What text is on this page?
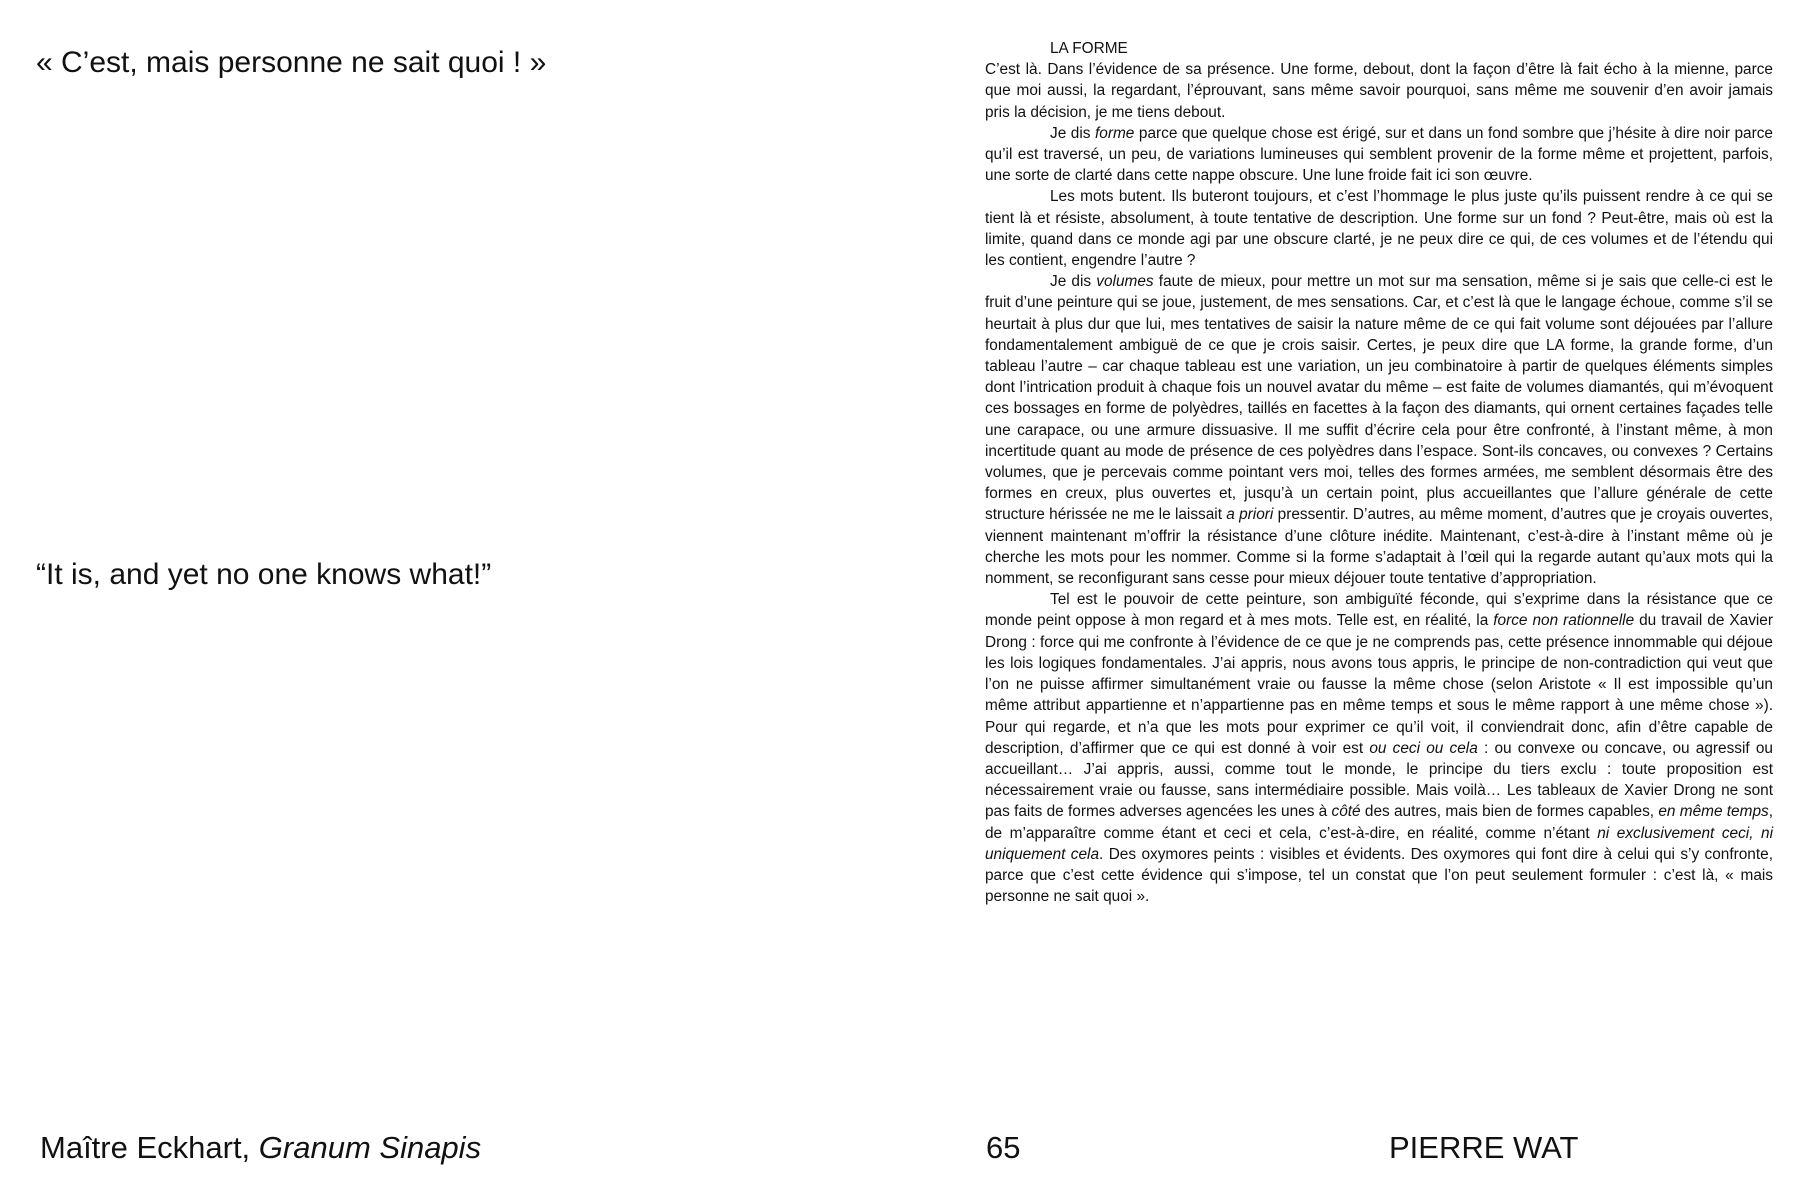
« C’est, mais personne ne sait quoi ! »
“It is, and yet no one knows what!”

Maître Eckhart, Granum Sinapis	65	PIERRE WAT

LA FORME

C’est là. Dans l’évidence de sa présence. Une forme, debout, dont la façon d’être là fait écho à la mienne, parce que moi aussi, la regardant, l’éprouvant, sans même savoir pourquoi, sans même me souvenir d’en avoir jamais pris la décision, je me tiens debout.

Je dis forme parce que quelque chose est érigé, sur et dans un fond sombre que j’hésite à dire noir parce qu’il est traversé, un peu, de variations lumineuses qui semblent provenir de la forme même et projettent, parfois, une sorte de clarté dans cette nappe obscure. Une lune froide fait ici son œuvre.

Les mots butent. Ils buteront toujours, et c’est l’hommage le plus juste qu’ils puissent rendre à ce qui se tient là et résiste, absolument, à toute tentative de description. Une forme sur un fond ? Peut-être, mais où est la limite, quand dans ce monde agi par une obscure clarté, je ne peux dire ce qui, de ces volumes et de l’étendu qui les contient, engendre l’autre ?

Je dis volumes faute de mieux, pour mettre un mot sur ma sensation, même si je sais que celle-ci est le fruit d’une peinture qui se joue, justement, de mes sensations. Car, et c’est là que le langage échoue, comme s’il se heurtait à plus dur que lui, mes tentatives de saisir la nature même de ce qui fait volume sont déjouées par l’allure fondamentalement ambiguë de ce que je crois saisir. Certes, je peux dire que LA forme, la grande forme, d’un tableau l’autre – car chaque tableau est une variation, un jeu combinatoire à partir de quelques éléments simples dont l’intrication produit à chaque fois un nouvel avatar du même – est faite de volumes diamantés, qui m’évoquent ces bossages en forme de polyèdres, taillés en facettes à la façon des diamants, qui ornent certaines façades telle une carapace, ou une armure dissuasive. Il me suffit d’écrire cela pour être confronté, à l’instant même, à mon incertitude quant au mode de présence de ces polyèdres dans l’espace. Sont-ils concaves, ou convexes ? Certains volumes, que je percevais comme pointant vers moi, telles des formes armées, me semblent désormais être des formes en creux, plus ouvertes et, jusqu’à un certain point, plus accueillantes que l’allure générale de cette structure hérissée ne me le laissait a priori pressentir. D’autres, au même moment, d’autres que je croyais ouvertes, viennent maintenant m’offrir la résistance d’une clôture inédite. Maintenant, c’est-à-dire à l’instant même où je cherche les mots pour les nommer. Comme si la forme s’adaptait à l’œil qui la regarde autant qu’aux mots qui la nomment, se reconfigurant sans cesse pour mieux déjouer toute tentative d’appropriation.

Tel est le pouvoir de cette peinture, son ambiguïté féconde, qui s’exprime dans la résistance que ce monde peint oppose à mon regard et à mes mots. Telle est, en réalité, la force non rationnelle du travail de Xavier Drong : force qui me confronte à l’évidence de ce que je ne comprends pas, cette présence innommable qui déjoue les lois logiques fondamentales. J’ai appris, nous avons tous appris, le principe de non-contradiction qui veut que l’on ne puisse affirmer simultanément vraie ou fausse la même chose (selon Aristote « Il est impossible qu’un même attribut appartienne et n’appartienne pas en même temps et sous le même rapport à une même chose »). Pour qui regarde, et n’a que les mots pour exprimer ce qu’il voit, il conviendrait donc, afin d’être capable de description, d’affirmer que ce qui est donné à voir est ou ceci ou cela : ou convexe ou concave, ou agressif ou accueillant… J’ai appris, aussi, comme tout le monde, le principe du tiers exclu : toute proposition est nécessairement vraie ou fausse, sans intermédiaire possible. Mais voilà… Les tableaux de Xavier Drong ne sont pas faits de formes adverses agencées les unes à côté des autres, mais bien de formes capables, en même temps, de m’apparaître comme étant et ceci et cela, c’est-à-dire, en réalité, comme n’étant ni exclusivement ceci, ni uniquement cela. Des oxymores peints : visibles et évidents. Des oxymores qui font dire à celui qui s’y confronte, parce que c’est cette évidence qui s’impose, tel un constat que l’on peut seulement formuler : c’est là, « mais personne ne sait quoi ».
